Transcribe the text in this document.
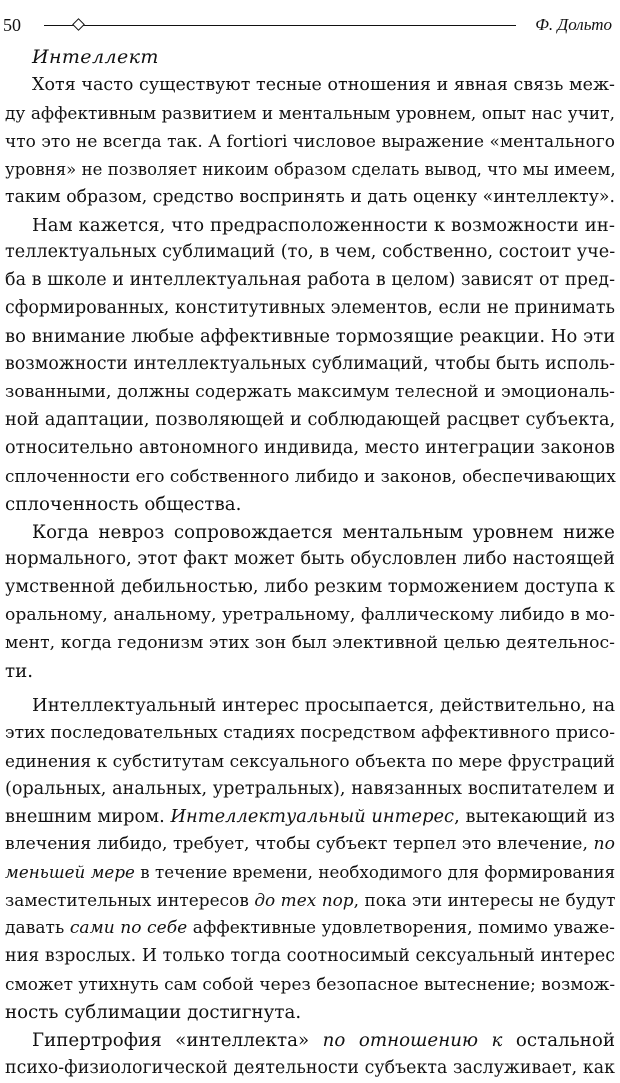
50	Ф. Дольто
Интеллект

Хотя часто существуют тесные отношения и явная связь меж-
ду аффективным развитием и ментальным уровнем, опыт нас учит,
что это не всегда так. А fortiori числовое выражение «ментального
уровня» не позволяет никоим образом сделать вывод, что мы имеем,
таким образом, средство воспринять и дать оценку «интеллекту».

Нам кажется, что предрасположенности к возможности ин-
теллектуальных сублимаций (то, в чем, собственно, состоит уче-
ба в школе и интеллектуальная работа в целом) зависят от пред-
сформированных, конститутивных элементов, если не принимать
во внимание любые аффективные тормозящие реакции. Но эти
возможности интеллектуальных сублимаций, чтобы быть исполь-
зованными, должны содержать максимум телесной и эмоциональ-
ной адаптации, позволяющей и соблюдающей расцвет субъекта,
относительно автономного индивида, место интеграции законов
сплоченности его собственного либидо и законов, обеспечивающих
сплоченность общества.

Когда невроз сопровождается ментальным уровнем ниже
нормального, этот факт может быть обусловлен либо настоящей
умственной дебильностью, либо резким торможением доступа к
оральному, анальному, уретральному, фаллическому либидо в мо-
мент, когда гедонизм этих зон был элективной целью деятельнос-
ти.

Интеллектуальный интерес просыпается, действительно, на
этих последовательных стадиях посредством аффективного присо-
единения к субститутам сексуального объекта по мере фрустраций
(оральных, анальных, уретральных), навязанных воспитателем и
внешним миром. Интеллектуальный интерес, вытекающий из
влечения либидо, требует, чтобы субъект терпел это влечение, по
меньшей мере в течение времени, необходимого для формирования
заместительных интересов до тех пор, пока эти интересы не будут
давать сами по себе аффективные удовлетворения, помимо уваже-
ния взрослых. И только тогда соотносимый сексуальный интерес
сможет утихнуть сам собой через безопасное вытеснение; возмож-
ность сублимации достигнута.

Гипертрофия «интеллекта» по отношению к остальной
психо-физиологической деятельности субъекта заслуживает, как
